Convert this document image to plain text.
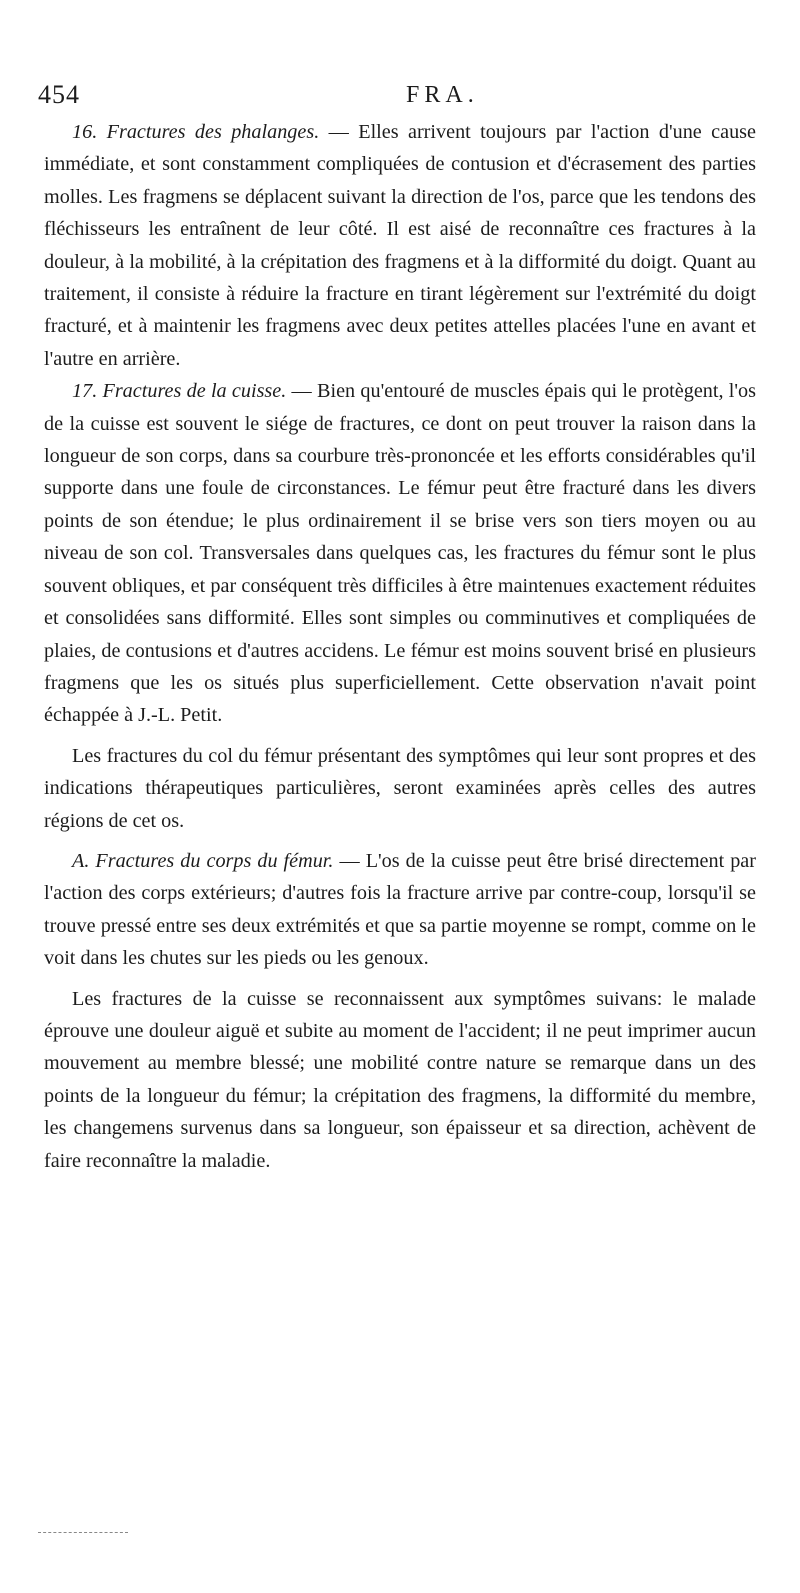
454	FRA.

16. Fractures des phalanges. — Elles arrivent toujours par l'action d'une cause immédiate, et sont constamment compliquées de contusion et d'écrasement des parties molles. Les fragmens se déplacent suivant la direction de l'os, parce que les tendons des fléchisseurs les entraînent de leur côté. Il est aisé de reconnaître ces fractures à la douleur, à la mobilité, à la crépitation des fragmens et à la difformité du doigt. Quant au traitement, il consiste à réduire la fracture en tirant légèrement sur l'extrémité du doigt fracturé, et à maintenir les fragmens avec deux petites attelles placées l'une en avant et l'autre en arrière.

17. Fractures de la cuisse. — Bien qu'entouré de muscles épais qui le protègent, l'os de la cuisse est souvent le siége de fractures, ce dont on peut trouver la raison dans la longueur de son corps, dans sa courbure très-prononcée et les efforts considérables qu'il supporte dans une foule de circonstances. Le fémur peut être fracturé dans les divers points de son étendue; le plus ordinairement il se brise vers son tiers moyen ou au niveau de son col. Transversales dans quelques cas, les fractures du fémur sont le plus souvent obliques, et par conséquent très difficiles à être maintenues exactement réduites et consolidées sans difformité. Elles sont simples ou comminutives et compliquées de plaies, de contusions et d'autres accidens. Le fémur est moins souvent brisé en plusieurs fragmens que les os situés plus superficiellement. Cette observation n'avait point échappée à J.-L. Petit.

Les fractures du col du fémur présentant des symptômes qui leur sont propres et des indications thérapeutiques particulières, seront examinées après celles des autres régions de cet os.

A. Fractures du corps du fémur. — L'os de la cuisse peut être brisé directement par l'action des corps extérieurs; d'autres fois la fracture arrive par contre-coup, lorsqu'il se trouve pressé entre ses deux extrémités et que sa partie moyenne se rompt, comme on le voit dans les chutes sur les pieds ou les genoux.

Les fractures de la cuisse se reconnaissent aux symptômes suivans: le malade éprouve une douleur aiguë et subite au moment de l'accident; il ne peut imprimer aucun mouvement au membre blessé; une mobilité contre nature se remarque dans un des points de la longueur du fémur; la crépitation des fragmens, la difformité du membre, les changemens survenus dans sa longueur, son épaisseur et sa direction, achèvent de faire reconnaître la maladie.
